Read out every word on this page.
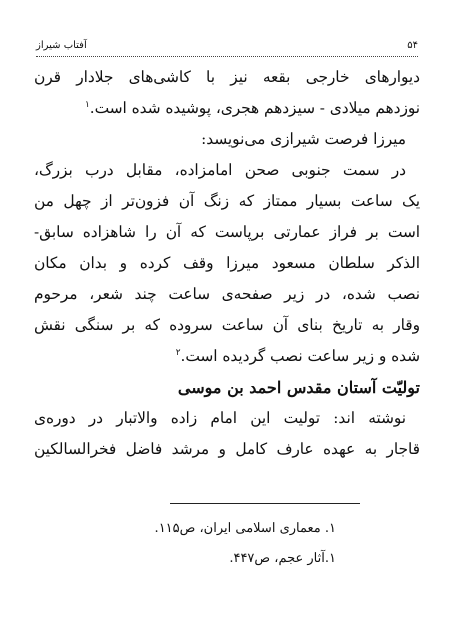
۵۴
آفتاب شیراز
دیوارهای خارجی بقعه نیز با کاشی‌های جلادار قرن
نوزدهم میلادی - سیزدهم هجری، پوشیده شده است.$^۱$
میرزا فرصت شیرازی می‌نویسد:
در سمت جنوبی صحن امامزاده، مقابل درب بزرگ،
یک ساعت بسیار ممتاز که زنگ آن فزون‌تر از چهل من
است بر فراز عمارتی برپاست که آن را شاهزاده سابق-
الذکر سلطان مسعود میرزا وقف کرده و بدان مکان
نصب شده، در زیر صفحه‌ی ساعت چند شعر، مرحوم
وقار به تاریخ بنای آن ساعت سروده که بر سنگی نقش
شده و زیر ساعت نصب گردیده است.$^۲$
تولیّت آستان مقدس احمد بن موسی
نوشته اند: تولیت این امام زاده والاتبار در دوره‌ی
قاجار به عهده عارف کامل و مرشد فاضل فخرالسالکین
۱. معماری اسلامی ایران، ص۱۱۵.
۱.آثار عجم، ص۴۴۷.
